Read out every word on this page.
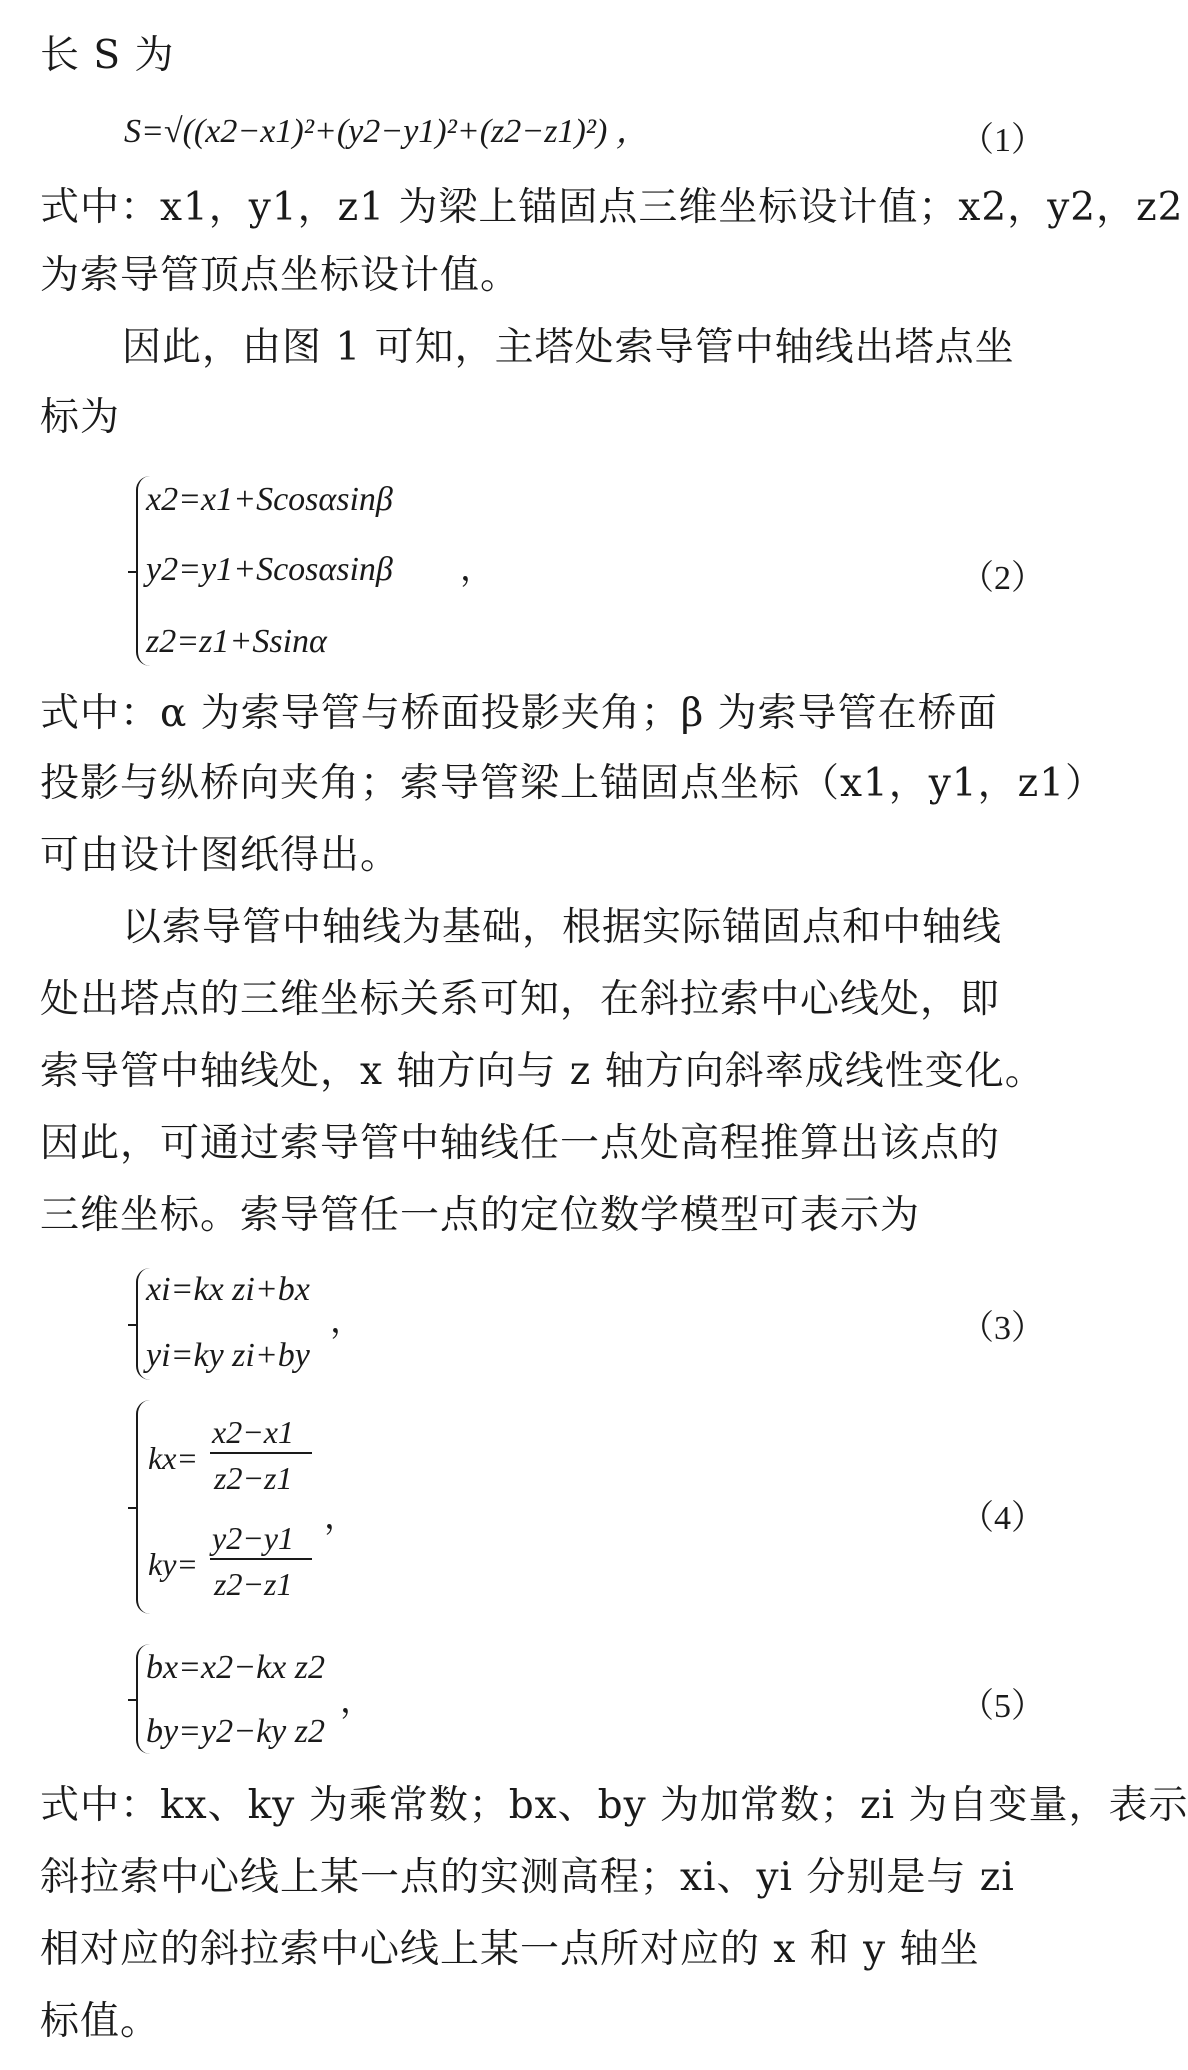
长 S 为
S=√((x2−x1)²+(y2−y1)²+(z2−z1)²) ，	（1）
式中：x1，y1，z1 为梁上锚固点三维坐标设计值；x2，y2，z2
为索导管顶点坐标设计值。
因此，由图 1 可知，主塔处索导管中轴线出塔点坐
标为
x2=x1+Scosαsinβ
y2=y1+Scosαsinβ ，
z2=z1+Ssinα
（2）
式中：α 为索导管与桥面投影夹角；β 为索导管在桥面
投影与纵桥向夹角；索导管梁上锚固点坐标（x1，y1，z1）
可由设计图纸得出。
以索导管中轴线为基础，根据实际锚固点和中轴线
处出塔点的三维坐标关系可知，在斜拉索中心线处，即
索导管中轴线处，x 轴方向与 z 轴方向斜率成线性变化。
因此，可通过索导管中轴线任一点处高程推算出该点的
三维坐标。索导管任一点的定位数学模型可表示为
xi=kx zi+bx
yi=ky zi+by
，	（3）
kx=
x2−x1
z2−z1
ky=
y2−y1
z2−z1
，	（4）
bx=x2−kx z2
by=y2−ky z2
，	（5）
式中：kx、ky 为乘常数；bx、by 为加常数；zi 为自变量，表示
斜拉索中心线上某一点的实测高程；xi、yi 分别是与 zi
相对应的斜拉索中心线上某一点所对应的 x 和 y 轴坐
标值。
